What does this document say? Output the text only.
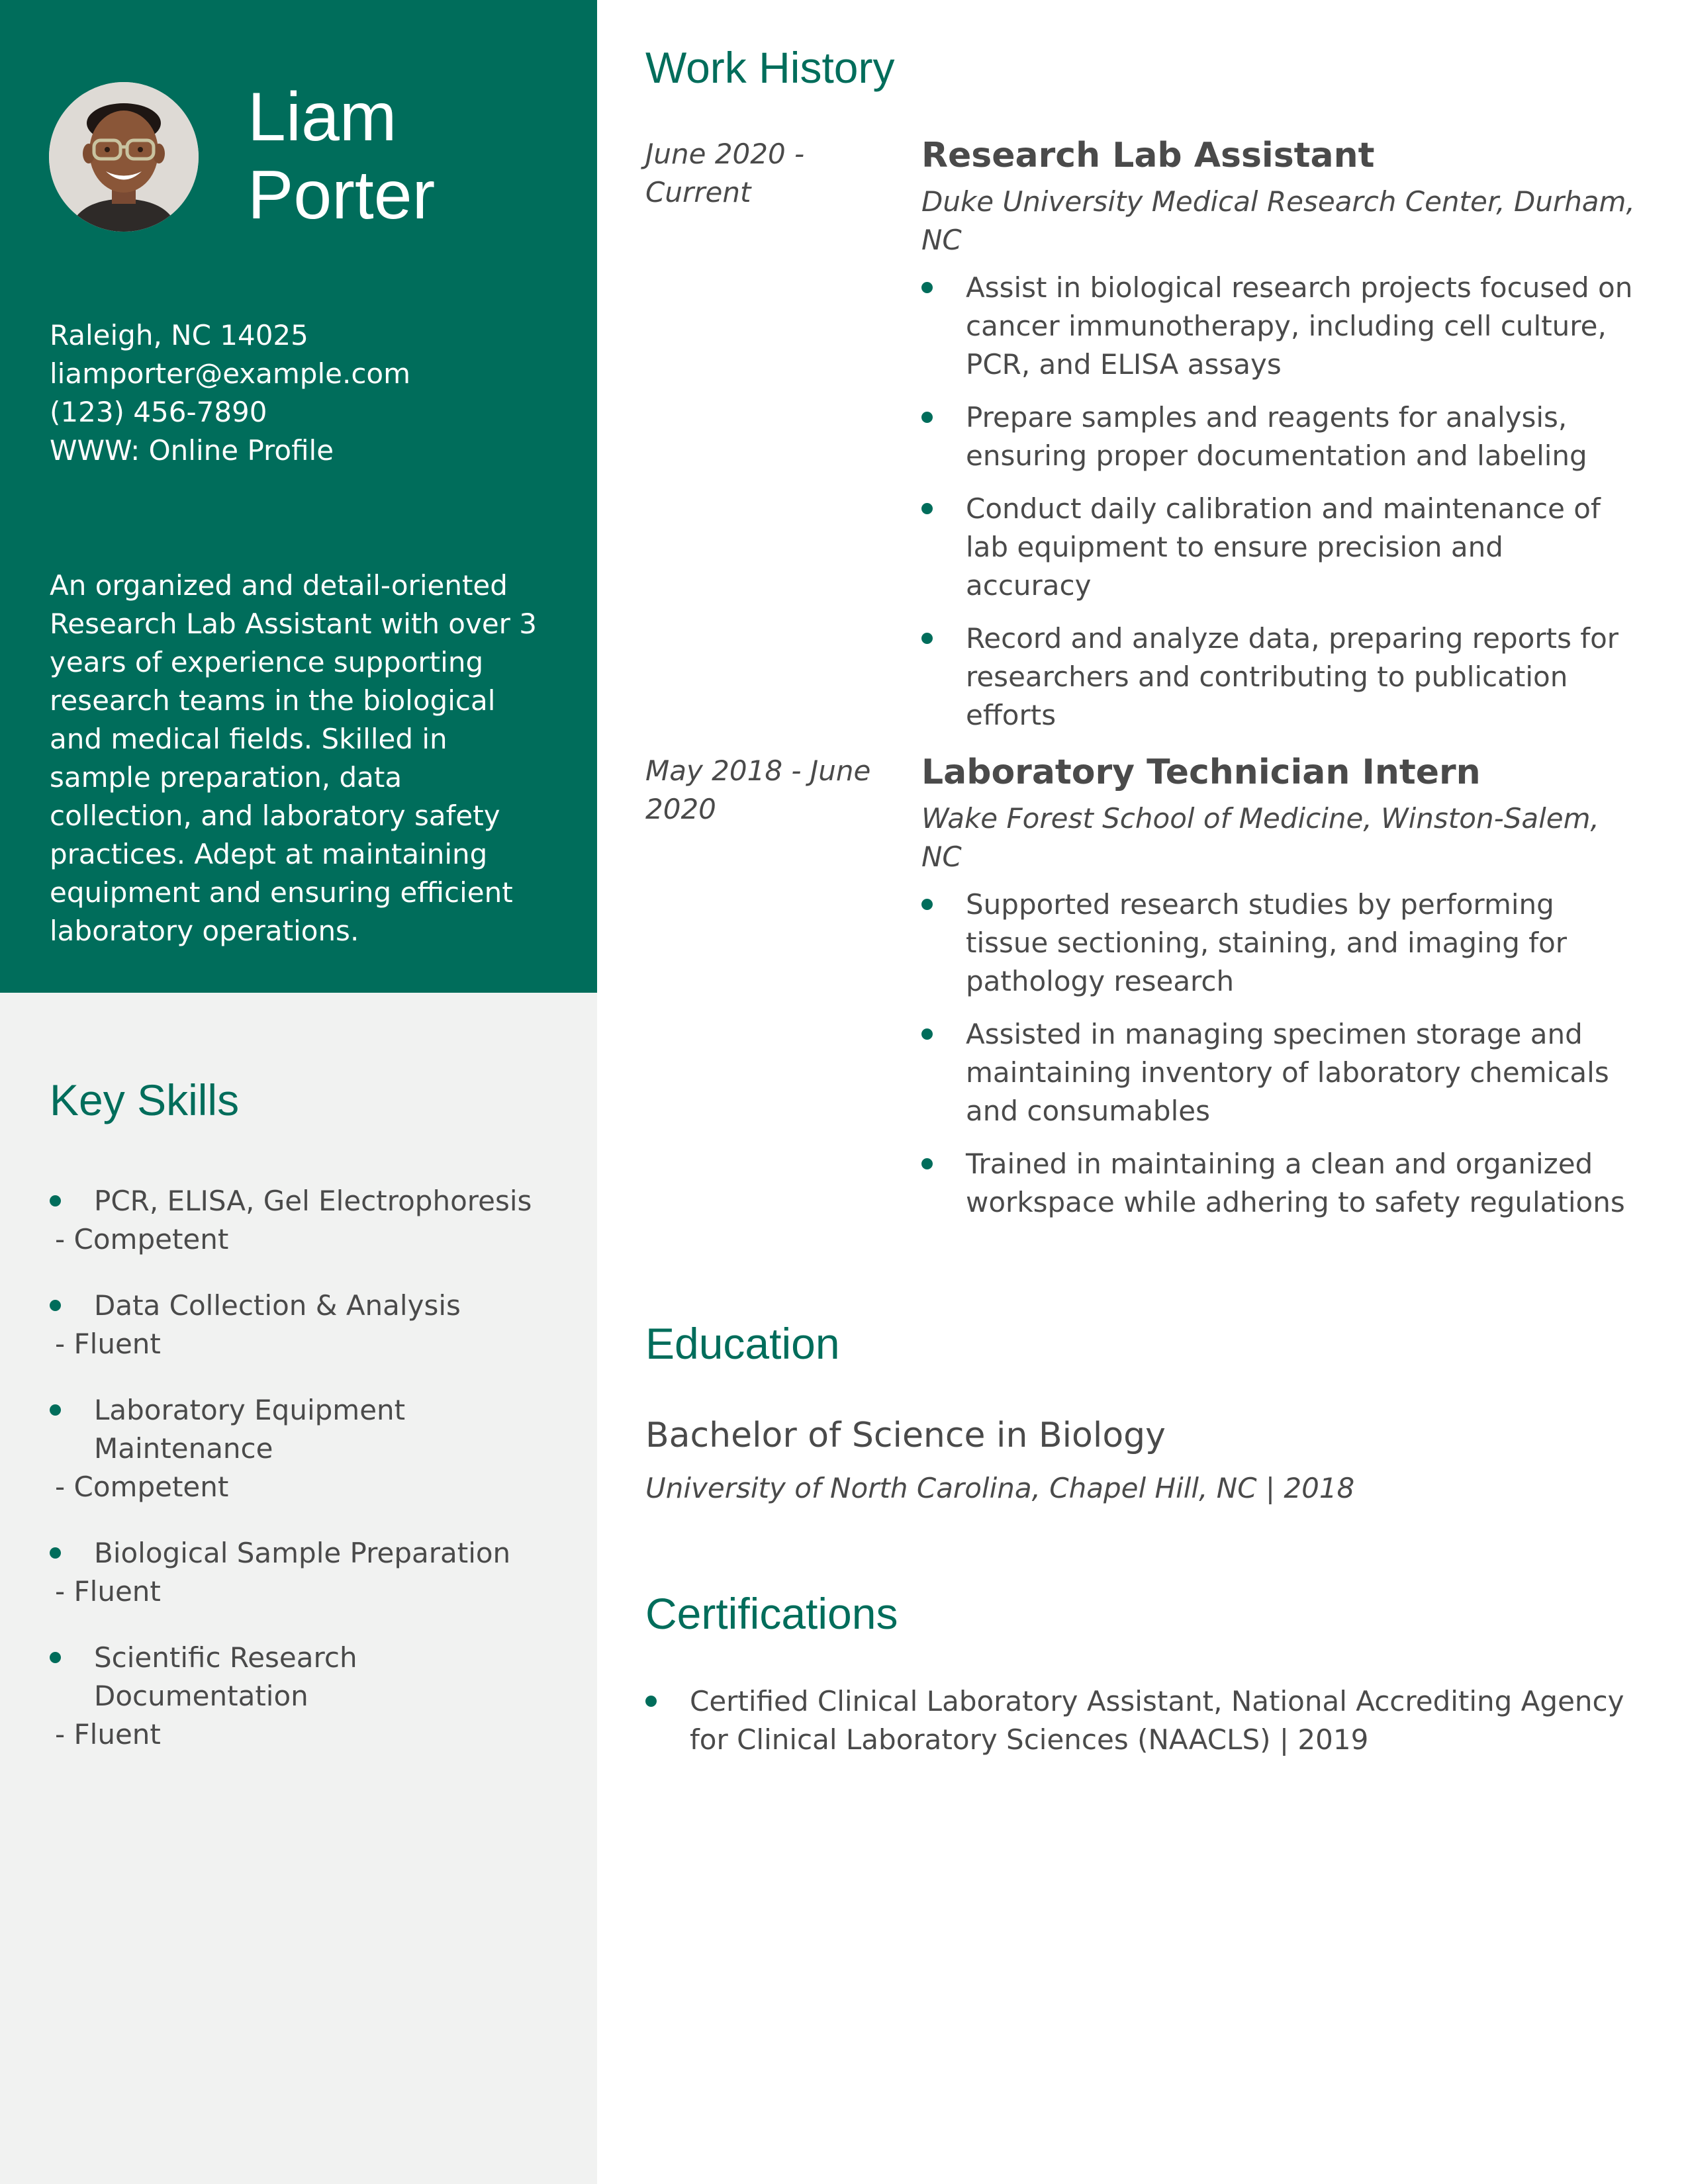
Liam
Porter
Raleigh, NC 14025
liamporter@example.com
(123) 456-7890
WWW: Online Profile
An organized and detail-oriented Research Lab Assistant with over 3 years of experience supporting research teams in the biological and medical fields. Skilled in sample preparation, data collection, and laboratory safety practices. Adept at maintaining equipment and ensuring efficient laboratory operations.
Key Skills
PCR, ELISA, Gel Electrophoresis
- Competent
Data Collection & Analysis
- Fluent
Laboratory Equipment Maintenance
- Competent
Biological Sample Preparation
- Fluent
Scientific Research Documentation
- Fluent
Work History
June 2020 - Current
Research Lab Assistant
Duke University Medical Research Center, Durham, NC
Assist in biological research projects focused on cancer immunotherapy, including cell culture, PCR, and ELISA assays
Prepare samples and reagents for analysis, ensuring proper documentation and labeling
Conduct daily calibration and maintenance of lab equipment to ensure precision and accuracy
Record and analyze data, preparing reports for researchers and contributing to publication efforts
May 2018 - June 2020
Laboratory Technician Intern
Wake Forest School of Medicine, Winston-Salem, NC
Supported research studies by performing tissue sectioning, staining, and imaging for pathology research
Assisted in managing specimen storage and maintaining inventory of laboratory chemicals and consumables
Trained in maintaining a clean and organized workspace while adhering to safety regulations
Education
Bachelor of Science in Biology
University of North Carolina, Chapel Hill, NC | 2018
Certifications
Certified Clinical Laboratory Assistant, National Accrediting Agency for Clinical Laboratory Sciences (NAACLS) | 2019
